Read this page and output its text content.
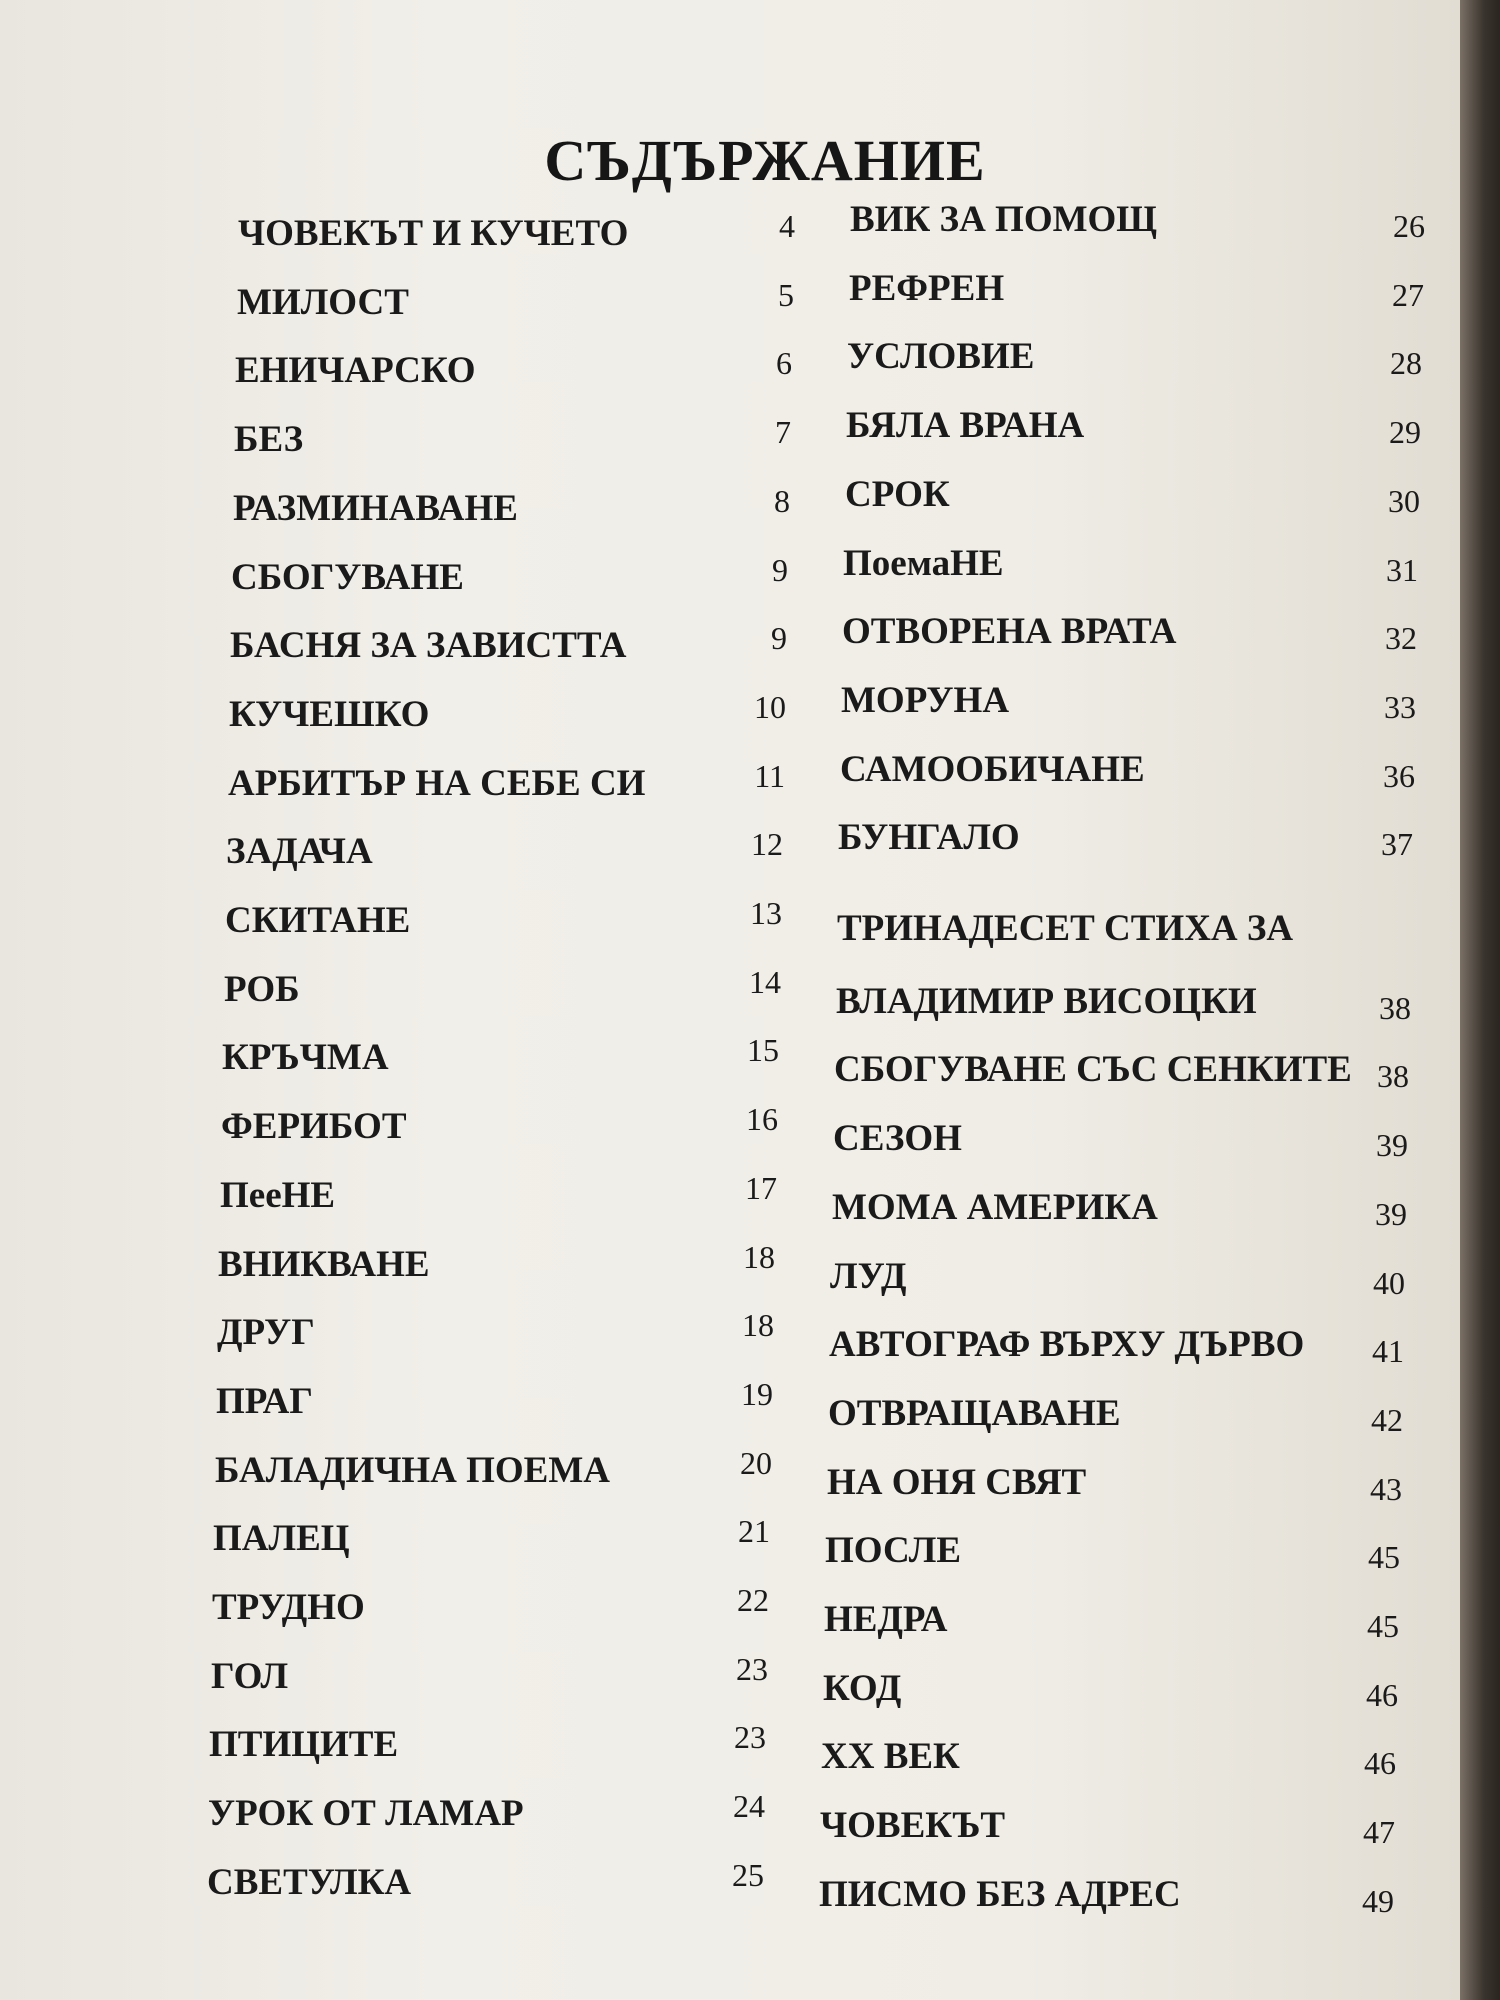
СЪДЪРЖАНИЕ
ЧОВЕКЪТ И КУЧЕТО	4
МИЛОСТ	5
ЕНИЧАРСКО	6
БЕЗ	7
РАЗМИНАВАНЕ	8
СБОГУВАНЕ	9
БАСНЯ ЗА ЗАВИСТТА	9
КУЧЕШКО	10
АРБИТЪР НА СЕБЕ СИ	11
ЗАДАЧА	12
СКИТАНЕ	13
РОБ	14
КРЪЧМА	15
ФЕРИБОТ	16
ПееНЕ	17
ВНИКВАНЕ	18
ДРУГ	18
ПРАГ	19
БАЛАДИЧНА ПОЕМА	20
ПАЛЕЦ	21
ТРУДНО	22
ГОЛ	23
ПТИЦИТЕ	23
УРОК ОТ ЛАМАР	24
СВЕТУЛКА	25
ВИК ЗА ПОМОЩ	26
РЕФРЕН	27
УСЛОВИЕ	28
БЯЛА ВРАНА	29
СРОК	30
ПоемаНЕ	31
ОТВОРЕНА ВРАТА	32
МОРУНА	33
САМООБИЧАНЕ	36
БУНГАЛО	37
ТРИНАДЕСЕТ СТИХА ЗА
ВЛАДИМИР ВИСОЦКИ	38
СБОГУВАНЕ СЪС СЕНКИТЕ 38
СЕЗОН	39
МОМА АМЕРИКА	39
ЛУД	40
АВТОГРАФ ВЪРХУ ДЪРВО	41
ОТВРАЩАВАНЕ	42
НА ОНЯ СВЯТ	43
ПОСЛЕ	45
НЕДРА	45
КОД	46
XX ВЕК	46
ЧОВЕКЪТ	47
ПИСМО БЕЗ АДРЕС	49
